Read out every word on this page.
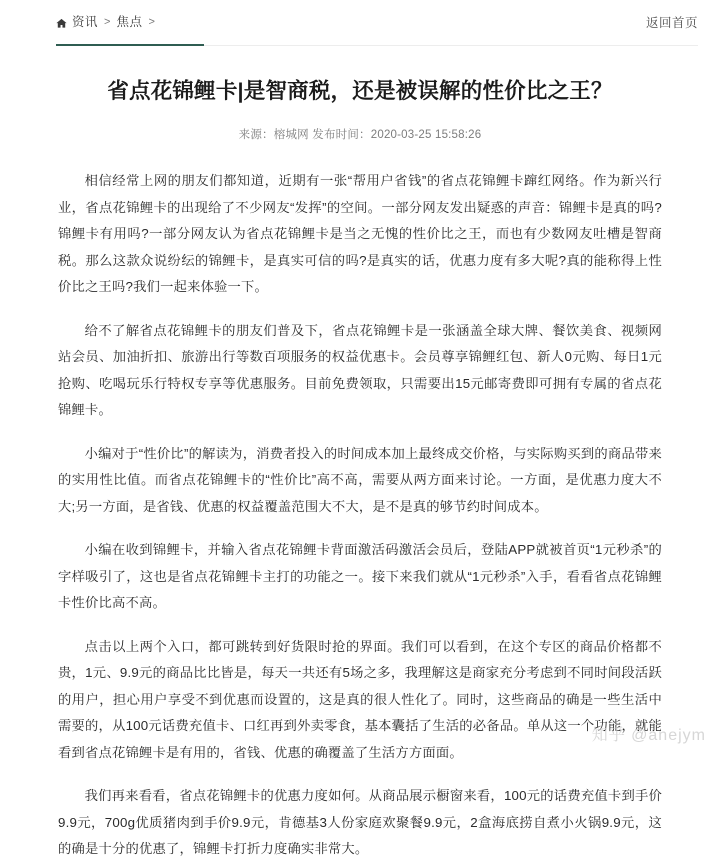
资讯 > 焦点 >	返回首页
省点花锦鲤卡|是智商税，还是被误解的性价比之王？
来源：榕城网 发布时间：2020-03-25 15:58:26

相信经常上网的朋友们都知道，近期有一张“帮用户省钱”的省点花锦鲤卡蹿红网络。作为新兴行业，省点花锦鲤卡的出现给了不少网友“发挥”的空间。一部分网友发出疑惑的声音：锦鲤卡是真的吗?锦鲤卡有用吗?一部分网友认为省点花锦鲤卡是当之无愧的性价比之王，而也有少数网友吐槽是智商税。那么这款众说纷纭的锦鲤卡，是真实可信的吗?是真实的话，优惠力度有多大呢?真的能称得上性价比之王吗?我们一起来体验一下。

给不了解省点花锦鲤卡的朋友们普及下，省点花锦鲤卡是一张涵盖全球大牌、餐饮美食、视频网站会员、加油折扣、旅游出行等数百项服务的权益优惠卡。会员尊享锦鲤红包、新人0元购、每日1元抢购、吃喝玩乐行特权专享等优惠服务。目前免费领取，只需要出15元邮寄费即可拥有专属的省点花锦鲤卡。

小编对于“性价比”的解读为，消费者投入的时间成本加上最终成交价格，与实际购买到的商品带来的实用性比值。而省点花锦鲤卡的“性价比”高不高，需要从两方面来讨论。一方面，是优惠力度大不大;另一方面，是省钱、优惠的权益覆盖范围大不大，是不是真的够节约时间成本。

小编在收到锦鲤卡，并输入省点花锦鲤卡背面激活码激活会员后，登陆APP就被首页“1元秒杀”的字样吸引了，这也是省点花锦鲤卡主打的功能之一。接下来我们就从“1元秒杀”入手，看看省点花锦鲤卡性价比高不高。

点击以上两个入口，都可跳转到好货限时抢的界面。我们可以看到，在这个专区的商品价格都不贵，1元、9.9元的商品比比皆是，每天一共还有5场之多，我理解这是商家充分考虑到不同时间段活跃的用户，担心用户享受不到优惠而设置的，这是真的很人性化了。同时，这些商品的确是一些生活中需要的，从100元话费充值卡、口红再到外卖零食，基本囊括了生活的必备品。单从这一个功能，就能看到省点花锦鲤卡是有用的，省钱、优惠的确覆盖了生活方方面面。

我们再来看看，省点花锦鲤卡的优惠力度如何。从商品展示橱窗来看，100元的话费充值卡到手价9.9元，700g优质猪肉到手价9.9元，肯德基3人份家庭欢聚餐9.9元，2盒海底捞自煮小火锅9.9元，这的确是十分的优惠了，锦鲤卡打折力度确实非常大。

知乎 @anejym
